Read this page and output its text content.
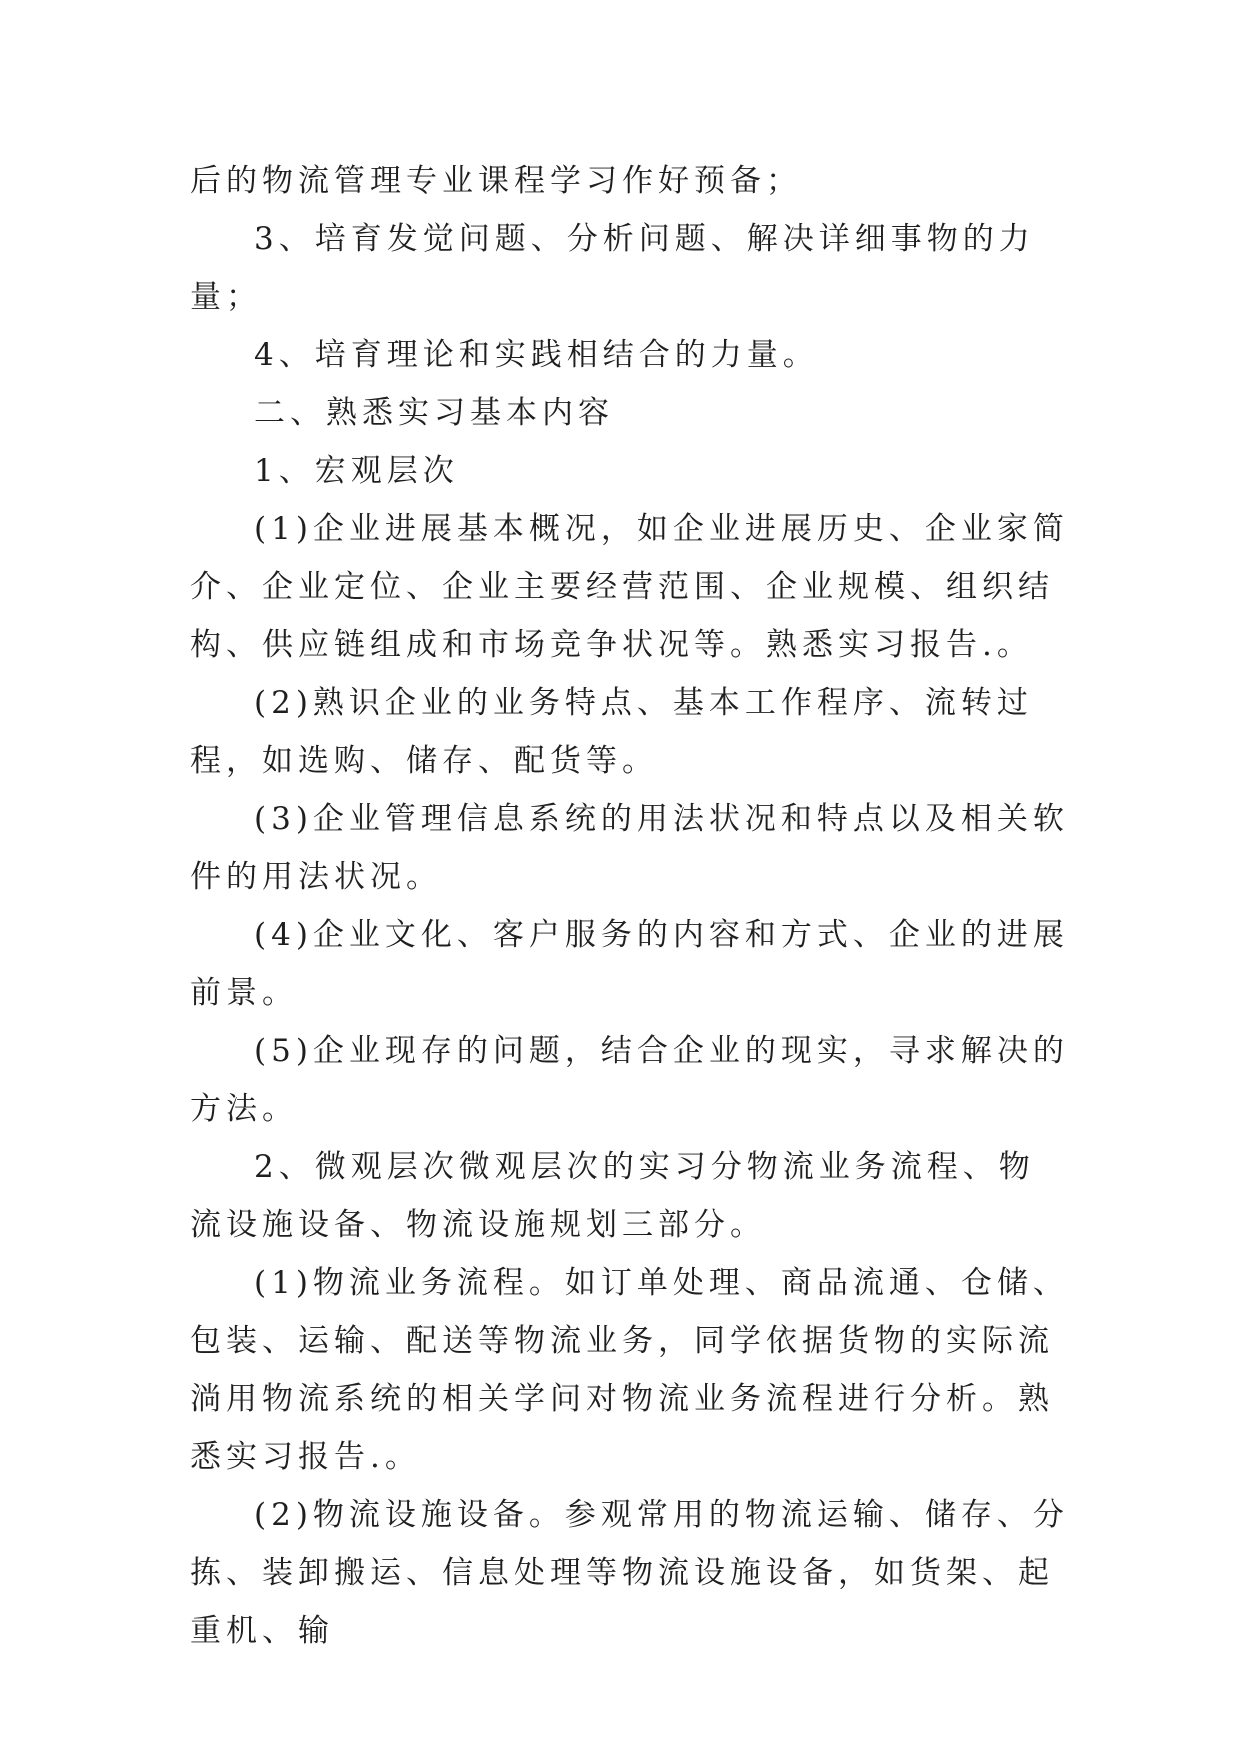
后的物流管理专业课程学习作好预备；

3、培育发觉问题、分析问题、解决详细事物的力量；

4、培育理论和实践相结合的力量。

二、熟悉实习基本内容

1、宏观层次

(1)企业进展基本概况，如企业进展历史、企业家简介、企业定位、企业主要经营范围、企业规模、组织结构、供应链组成和市场竞争状况等。熟悉实习报告.。

(2)熟识企业的业务特点、基本工作程序、流转过程，如选购、储存、配货等。

(3)企业管理信息系统的用法状况和特点以及相关软件的用法状况。

(4)企业文化、客户服务的内容和方式、企业的进展前景。

(5)企业现存的问题，结合企业的现实，寻求解决的方法。

2、微观层次微观层次的实习分物流业务流程、物流设施设备、物流设施规划三部分。

(1)物流业务流程。如订单处理、商品流通、仓储、包装、运输、配送等物流业务，同学依据货物的实际流淌用物流系统的相关学问对物流业务流程进行分析。熟悉实习报告.。

(2)物流设施设备。参观常用的物流运输、储存、分拣、装卸搬运、信息处理等物流设施设备，如货架、起重机、输
